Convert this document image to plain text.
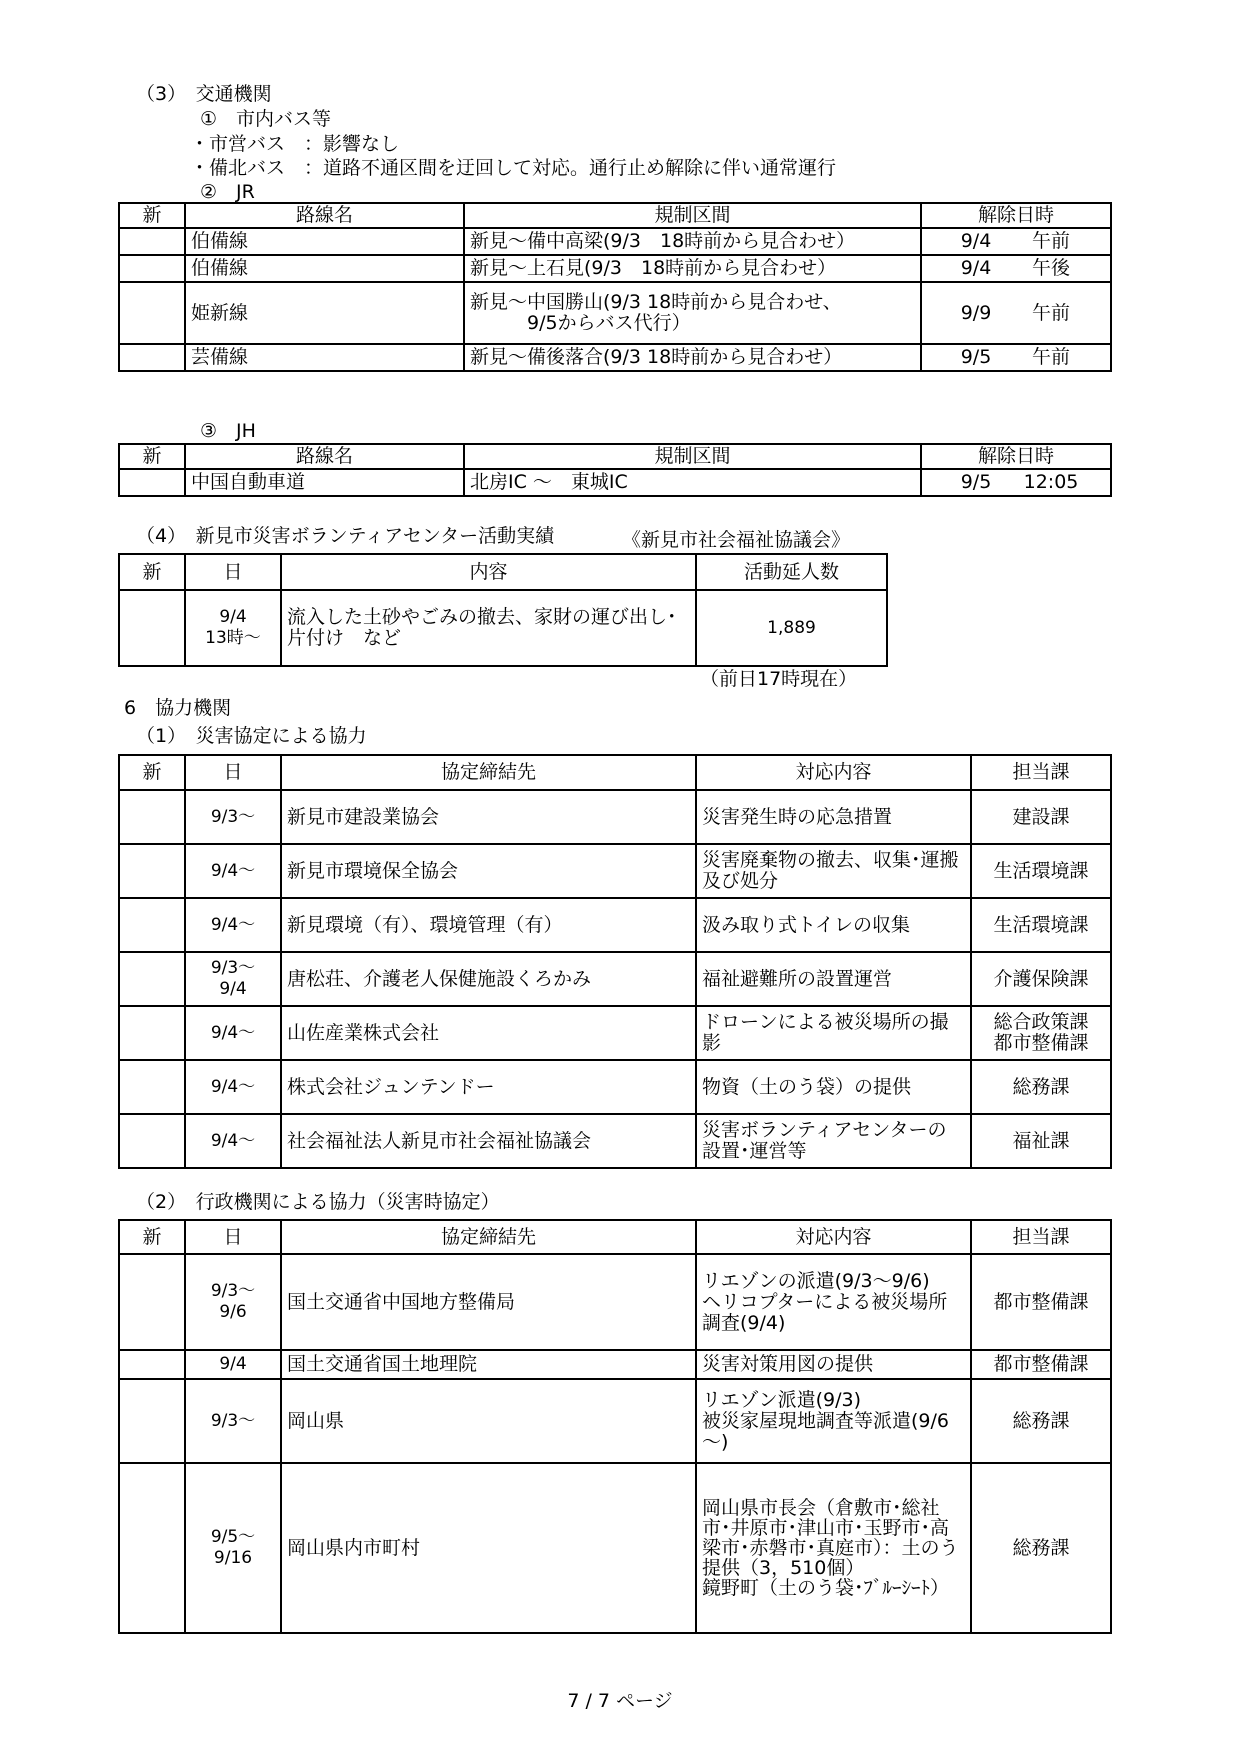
（3）　交通機関
①　市内バス等
・市営バス　：影響なし
・備北バス　：道路不通区間を迂回して対応。通行止め解除に伴い通常運行
②　JR
新	路線名	規制区間	解除日時
	伯備線	新見～備中高梁(9/3　18時前から見合わせ）	9/4 午前
	伯備線	新見～上石見(9/3　18時前から見合わせ）	9/4 午後
	姫新線	新見～中国勝山(9/3 18時前から見合わせ、
　　　9/5からバス代行）	9/9 午前
	芸備線	新見～備後落合(9/3 18時前から見合わせ）	9/5 午前
③　JH
新	路線名	規制区間	解除日時
	中国自動車道	北房IC ～　東城IC	9/5 12:05
（4）　新見市災害ボランティアセンター活動実績	《新見市社会福祉協議会》
新	日	内容	活動延人数
	9/4
13時～	流入した土砂やごみの撤去、家財の運び出し･片付け　など	1,889
（前日17時現在）
6　協力機関
（1）　災害協定による協力
新	日	協定締結先	対応内容	担当課
	9/3～	新見市建設業協会	災害発生時の応急措置	建設課
	9/4～	新見市環境保全協会	災害廃棄物の撤去、収集･運搬及び処分	生活環境課
	9/4～	新見環境（有）、環境管理（有）	汲み取り式トイレの収集	生活環境課
	9/3～
9/4	唐松荘、介護老人保健施設くろかみ	福祉避難所の設置運営	介護保険課
	9/4～	山佐産業株式会社	ドローンによる被災場所の撮影	総合政策課
都市整備課
	9/4～	株式会社ジュンテンドー	物資（土のう袋）の提供	総務課
	9/4～	社会福祉法人新見市社会福祉協議会	災害ボランティアセンターの設置･運営等	福祉課
（2）　行政機関による協力（災害時協定）
新	日	協定締結先	対応内容	担当課
	9/3～
9/6	国土交通省中国地方整備局	リエゾンの派遣(9/3～9/6)
ヘリコプターによる被災場所調査(9/4)	都市整備課
	9/4	国土交通省国土地理院	災害対策用図の提供	都市整備課
	9/3～	岡山県	リエゾン派遣(9/3)
被災家屋現地調査等派遣(9/6～)	総務課
	9/5～
9/16	岡山県内市町村	岡山県市長会（倉敷市･総社市･井原市･津山市･玉野市･高梁市･赤磐市･真庭市）：土のう提供（3，510個）
鏡野町（土のう袋･ﾌﾞﾙｰｼｰﾄ）	総務課
7 / 7 ページ
